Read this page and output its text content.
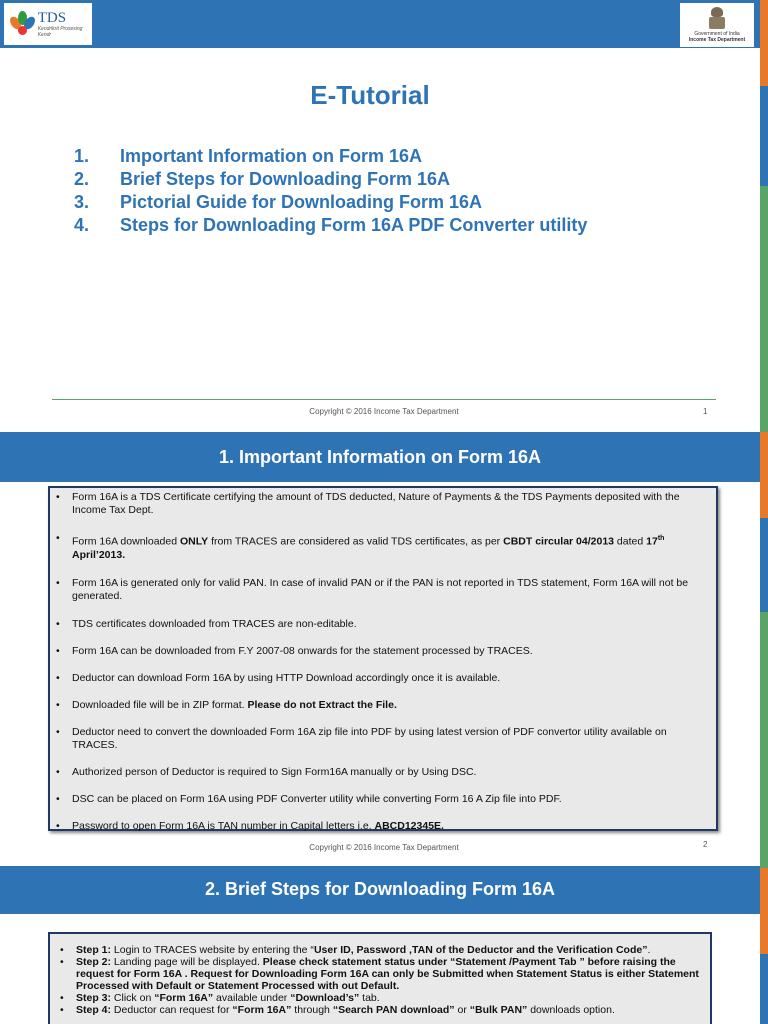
TDS
Kendrikrit Prosesing Kendr	Government of India
Income Tax Department
E-Tutorial
1.	Important Information on Form 16A
2.	Brief Steps for Downloading Form 16A
3.	Pictorial Guide for Downloading Form 16A
4.	Steps for Downloading Form 16A PDF Converter utility
Copyright © 2016 Income Tax Department	1
1. Important Information on Form 16A
• Form 16A is a TDS Certificate certifying the amount of TDS deducted, Nature of Payments & the TDS Payments deposited with the Income Tax Dept.
• Form 16A downloaded ONLY from TRACES are considered as valid TDS certificates, as per CBDT circular 04/2013 dated 17th
April’2013.
• Form 16A is generated only for valid PAN. In case of invalid PAN or if the PAN is not reported in TDS statement, Form 16A will not be generated.
• TDS certificates downloaded from TRACES are non-editable.
• Form 16A can be downloaded from F.Y 2007-08 onwards for the statement processed by TRACES.
• Deductor can download Form 16A by using HTTP Download accordingly once it is available.
• Downloaded file will be in ZIP format. Please do not Extract the File.
• Deductor need to convert the downloaded Form 16A zip file into PDF by using latest version of PDF convertor utility available on TRACES.
• Authorized person of Deductor is required to Sign Form16A manually or by Using DSC.
• DSC can be placed on Form 16A using PDF Converter utility while converting Form 16 A Zip file into PDF.
• Password to open Form 16A is TAN number in Capital letters i.e. ABCD12345E.
Copyright © 2016 Income Tax Department	2
2. Brief Steps for Downloading Form 16A
• Step 1: Login to TRACES website by entering the “User ID, Password ,TAN of the Deductor and the Verification Code”.
• Step 2: Landing page will be displayed. Please check statement status under “Statement /Payment Tab ” before raising the request for Form 16A . Request for Downloading Form 16A can only be Submitted when Statement Status is either Statement Processed with Default or Statement Processed with out Default.
• Step 3: Click on “Form 16A” available under “Download’s” tab.
• Step 4: Deductor can request for “Form 16A” through “Search PAN download” or “Bulk PAN” downloads option.
